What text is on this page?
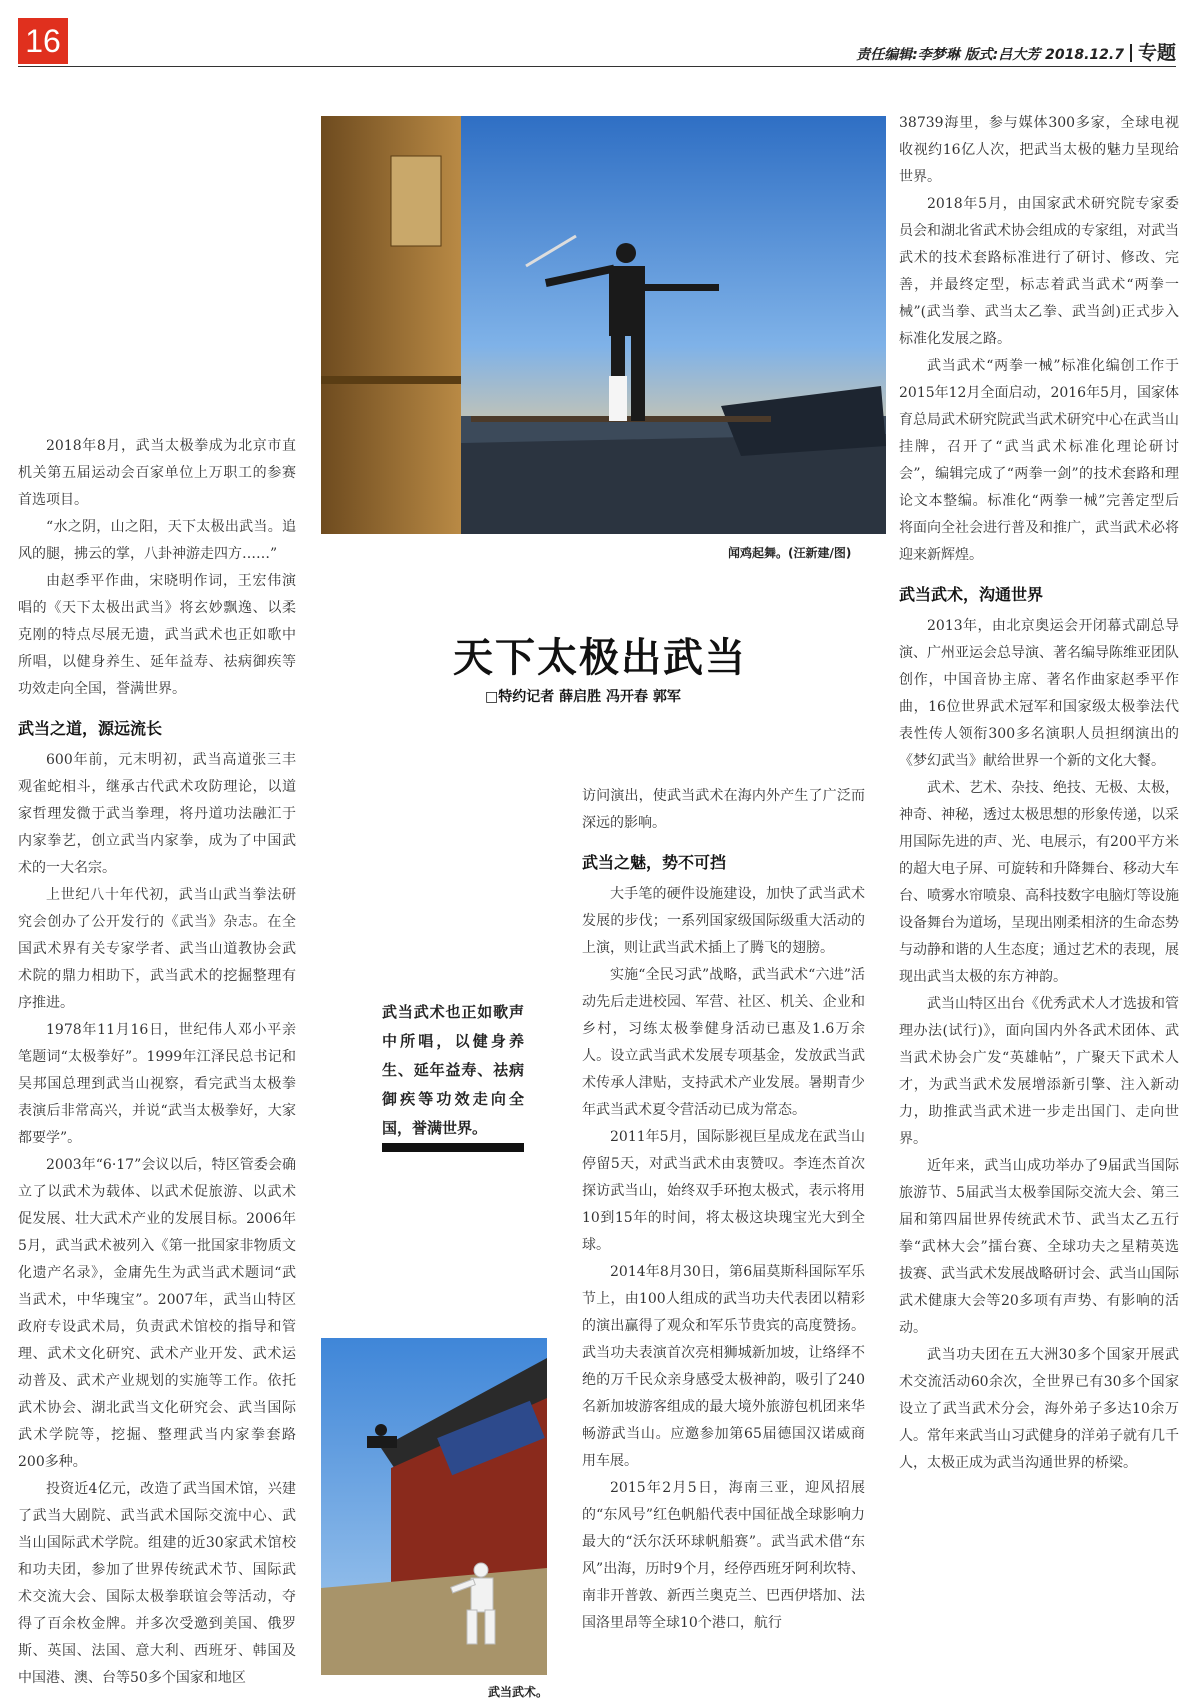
16	责任编辑:李梦琳 版式:吕大芳 2018.12.7 专题
闻鸡起舞。(汪新建/图)
天下太极出武当
□特约记者 薛启胜 冯开春 郭军

2018年8月，武当太极拳成为北京市直机关第五届运动会百家单位上万职工的参赛首选项目。

“水之阴，山之阳，天下太极出武当。追风的腿，拂云的掌，八卦神游走四方……”

由赵季平作曲，宋晓明作词，王宏伟演唱的《天下太极出武当》将玄妙飘逸、以柔克刚的特点尽展无遗，武当武术也正如歌中所唱，以健身养生、延年益寿、祛病御疾等功效走向全国，誉满世界。

武当之道，源远流长

600年前，元末明初，武当高道张三丰观雀蛇相斗，继承古代武术攻防理论，以道家哲理发微于武当拳理，将丹道功法融汇于内家拳艺，创立武当内家拳，成为了中国武术的一大名宗。

上世纪八十年代初，武当山武当拳法研究会创办了公开发行的《武当》杂志。在全国武术界有关专家学者、武当山道教协会武术院的鼎力相助下，武当武术的挖掘整理有序推进。

1978年11月16日，世纪伟人邓小平亲笔题词“太极拳好”。1999年江泽民总书记和吴邦国总理到武当山视察，看完武当太极拳表演后非常高兴，并说“武当太极拳好，大家都要学”。

2003年“6·17”会议以后，特区管委会确立了以武术为载体、以武术促旅游、以武术促发展、壮大武术产业的发展目标。2006年5月，武当武术被列入《第一批国家非物质文化遗产名录》，金庸先生为武当武术题词“武当武术，中华瑰宝”。2007年，武当山特区政府专设武术局，负责武术馆校的指导和管理、武术文化研究、武术产业开发、武术运动普及、武术产业规划的实施等工作。依托武术协会、湖北武当文化研究会、武当国际武术学院等，挖掘、整理武当内家拳套路200多种。

投资近4亿元，改造了武当国术馆，兴建了武当大剧院、武当武术国际交流中心、武当山国际武术学院。组建的近30家武术馆校和功夫团，参加了世界传统武术节、国际武术交流大会、国际太极拳联谊会等活动，夺得了百余枚金牌。并多次受邀到美国、俄罗斯、英国、法国、意大利、西班牙、韩国及中国港、澳、台等50多个国家和地区

武当武术也正如歌声中所唱，以健身养生、延年益寿、祛病御疾等功效走向全国，誉满世界。
武当武术。

访问演出，使武当武术在海内外产生了广泛而深远的影响。

武当之魅，势不可挡

大手笔的硬件设施建设，加快了武当武术发展的步伐；一系列国家级国际级重大活动的上演，则让武当武术插上了腾飞的翅膀。

实施“全民习武”战略，武当武术“六进”活动先后走进校园、军营、社区、机关、企业和乡村，习练太极拳健身活动已惠及1.6万余人。设立武当武术发展专项基金，发放武当武术传承人津贴，支持武术产业发展。暑期青少年武当武术夏令营活动已成为常态。

2011年5月，国际影视巨星成龙在武当山停留5天，对武当武术由衷赞叹。李连杰首次探访武当山，始终双手环抱太极式，表示将用10到15年的时间，将太极这块瑰宝光大到全球。

2014年8月30日，第6届莫斯科国际军乐节上，由100人组成的武当功夫代表团以精彩的演出赢得了观众和军乐节贵宾的高度赞扬。武当功夫表演首次亮相狮城新加坡，让络绎不绝的万千民众亲身感受太极神韵，吸引了240名新加坡游客组成的最大境外旅游包机团来华畅游武当山。应邀参加第65届德国汉诺威商用车展。

2015年2月5日，海南三亚，迎风招展的“东风号”红色帆船代表中国征战全球影响力最大的“沃尔沃环球帆船赛”。武当武术借“东风”出海，历时9个月，经停西班牙阿利坎特、南非开普敦、新西兰奥克兰、巴西伊塔加、法国洛里昂等全球10个港口，航行

38739海里，参与媒体300多家，全球电视收视约16亿人次，把武当太极的魅力呈现给世界。

2018年5月，由国家武术研究院专家委员会和湖北省武术协会组成的专家组，对武当武术的技术套路标准进行了研讨、修改、完善，并最终定型，标志着武当武术“两拳一械”(武当拳、武当太乙拳、武当剑)正式步入标准化发展之路。

武当武术“两拳一械”标准化编创工作于2015年12月全面启动，2016年5月，国家体育总局武术研究院武当武术研究中心在武当山挂牌，召开了“武当武术标准化理论研讨会”，编辑完成了“两拳一剑”的技术套路和理论文本整编。标准化“两拳一械”完善定型后将面向全社会进行普及和推广，武当武术必将迎来新辉煌。

武当武术，沟通世界

2013年，由北京奥运会开闭幕式副总导演、广州亚运会总导演、著名编导陈维亚团队创作，中国音协主席、著名作曲家赵季平作曲，16位世界武术冠军和国家级太极拳法代表性传人领衔300多名演职人员担纲演出的《梦幻武当》献给世界一个新的文化大餐。

武术、艺术、杂技、绝技、无极、太极，神奇、神秘，透过太极思想的形象传递，以采用国际先进的声、光、电展示，有200平方米的超大电子屏、可旋转和升降舞台、移动大车台、喷雾水帘喷泉、高科技数字电脑灯等设施设备舞台为道场，呈现出刚柔相济的生命态势与动静和谐的人生态度；通过艺术的表现，展现出武当太极的东方神韵。

武当山特区出台《优秀武术人才选拔和管理办法(试行)》，面向国内外各武术团体、武当武术协会广发“英雄帖”，广聚天下武术人才，为武当武术发展增添新引擎、注入新动力，助推武当武术进一步走出国门、走向世界。

近年来，武当山成功举办了9届武当国际旅游节、5届武当太极拳国际交流大会、第三届和第四届世界传统武术节、武当太乙五行拳“武林大会”擂台赛、全球功夫之星精英选拔赛、武当武术发展战略研讨会、武当山国际武术健康大会等20多项有声势、有影响的活动。

武当功夫团在五大洲30多个国家开展武术交流活动60余次，全世界已有30多个国家设立了武当武术分会，海外弟子多达10余万人。常年来武当山习武健身的洋弟子就有几千人，太极正成为武当沟通世界的桥梁。
